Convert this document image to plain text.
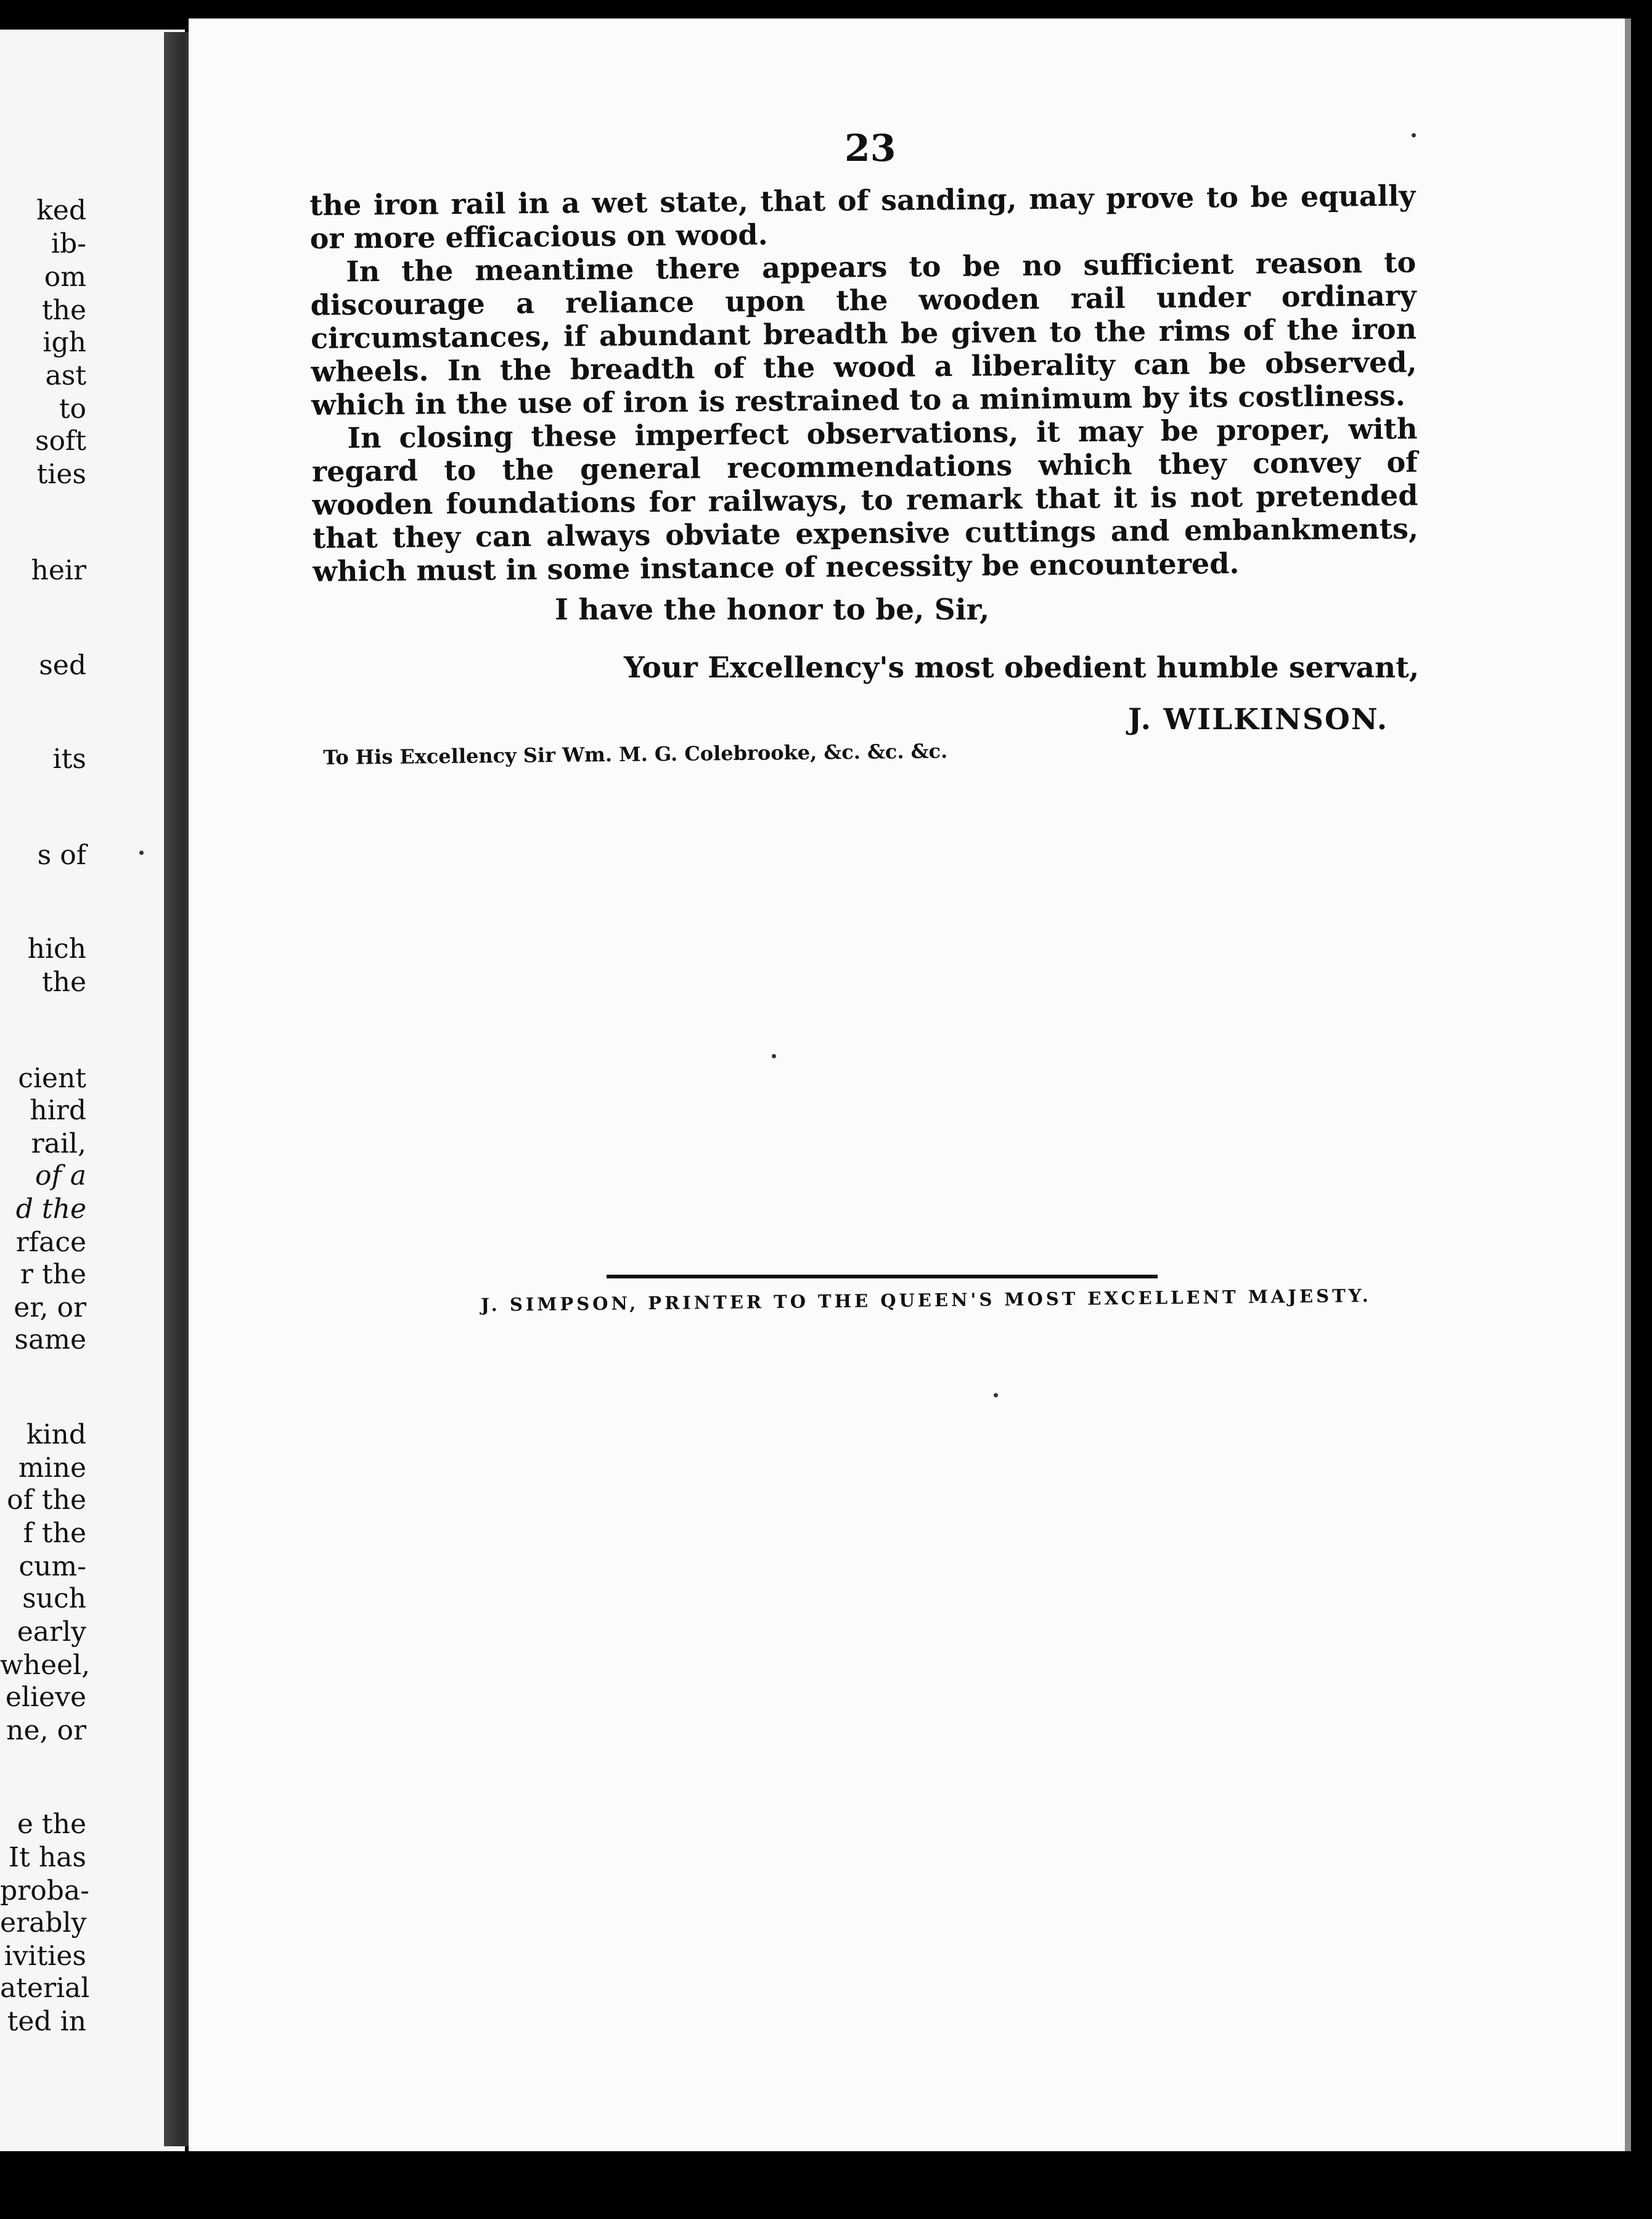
ked
ib-
om
the
igh
ast
to
soft
ties
heir
sed
its
s of
hich
the
cient
hird
rail,
of a
d the
rface
r the
er, or
same
kind
mine
of the
f the
cum-
such
early
wheel,
elieve
ne, or
e the
It has
proba-
erably
ivities
aterial
ted in
23

the iron rail in a wet state, that of sanding, may prove to be equally or more efficacious on wood.

In the meantime there appears to be no sufficient reason to discourage a reliance upon the wooden rail under ordinary circumstances, if abundant breadth be given to the rims of the iron wheels. In the breadth of the wood a liberality can be observed, which in the use of iron is restrained to a minimum by its costliness.

In closing these imperfect observations, it may be proper, with regard to the general recommendations which they convey of wooden foundations for railways, to remark that it is not pretended that they can always obviate expensive cuttings and embankments, which must in some instance of necessity be encountered.

I have the honor to be, Sir,
Your Excellency's most obedient humble servant,
J. WILKINSON.
To His Excellency Sir Wm. M. G. Colebrooke, &c. &c. &c.
J. SIMPSON, PRINTER TO THE QUEEN'S MOST EXCELLENT MAJESTY.
